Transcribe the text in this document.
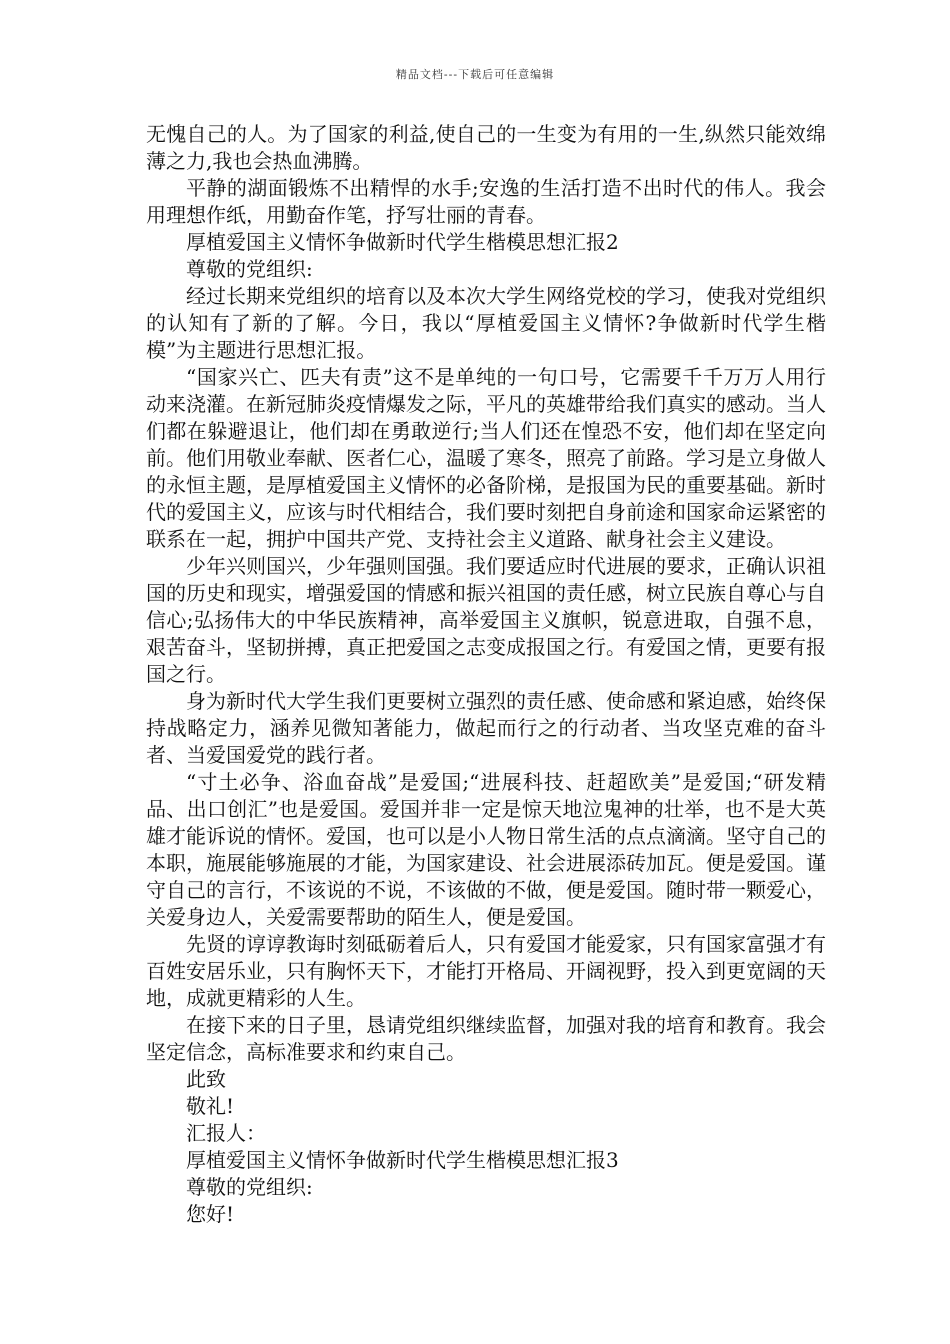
精品文档---下载后可任意编辑

无愧自己的人。为了国家的利益,使自己的一生变为有用的一生,纵然只能效绵薄之力,我也会热血沸腾。

平静的湖面锻炼不出精悍的水手;安逸的生活打造不出时代的伟人。我会用理想作纸，用勤奋作笔，抒写壮丽的青春。

厚植爱国主义情怀争做新时代学生楷模思想汇报2

尊敬的党组织:

经过长期来党组织的培育以及本次大学生网络党校的学习，使我对党组织的认知有了新的了解。今日，我以“厚植爱国主义情怀?争做新时代学生楷模”为主题进行思想汇报。

“国家兴亡、匹夫有责”这不是单纯的一句口号，它需要千千万万人用行动来浇灌。在新冠肺炎疫情爆发之际，平凡的英雄带给我们真实的感动。当人们都在躲避退让，他们却在勇敢逆行;当人们还在惶恐不安，他们却在坚定向前。他们用敬业奉献、医者仁心，温暖了寒冬，照亮了前路。学习是立身做人的永恒主题，是厚植爱国主义情怀的必备阶梯，是报国为民的重要基础。新时代的爱国主义，应该与时代相结合，我们要时刻把自身前途和国家命运紧密的联系在一起，拥护中国共产党、支持社会主义道路、献身社会主义建设。

少年兴则国兴，少年强则国强。我们要适应时代进展的要求，正确认识祖国的历史和现实，增强爱国的情感和振兴祖国的责任感，树立民族自尊心与自信心;弘扬伟大的中华民族精神，高举爱国主义旗帜，锐意进取，自强不息，艰苦奋斗，坚韧拼搏，真正把爱国之志变成报国之行。有爱国之情，更要有报国之行。

身为新时代大学生我们更要树立强烈的责任感、使命感和紧迫感，始终保持战略定力，涵养见微知著能力，做起而行之的行动者、当攻坚克难的奋斗者、当爱国爱党的践行者。

“寸土必争、浴血奋战”是爱国;“进展科技、赶超欧美”是爱国;“研发精品、出口创汇”也是爱国。爱国并非一定是惊天地泣鬼神的壮举，也不是大英雄才能诉说的情怀。爱国，也可以是小人物日常生活的点点滴滴。坚守自己的本职，施展能够施展的才能，为国家建设、社会进展添砖加瓦。便是爱国。谨守自己的言行，不该说的不说，不该做的不做，便是爱国。随时带一颗爱心，关爱身边人，关爱需要帮助的陌生人，便是爱国。

先贤的谆谆教诲时刻砥砺着后人，只有爱国才能爱家，只有国家富强才有百姓安居乐业，只有胸怀天下，才能打开格局、开阔视野，投入到更宽阔的天地，成就更精彩的人生。

在接下来的日子里，恳请党组织继续监督，加强对我的培育和教育。我会坚定信念，高标准要求和约束自己。

此致

敬礼!

汇报人：

厚植爱国主义情怀争做新时代学生楷模思想汇报3

尊敬的党组织:

您好!
